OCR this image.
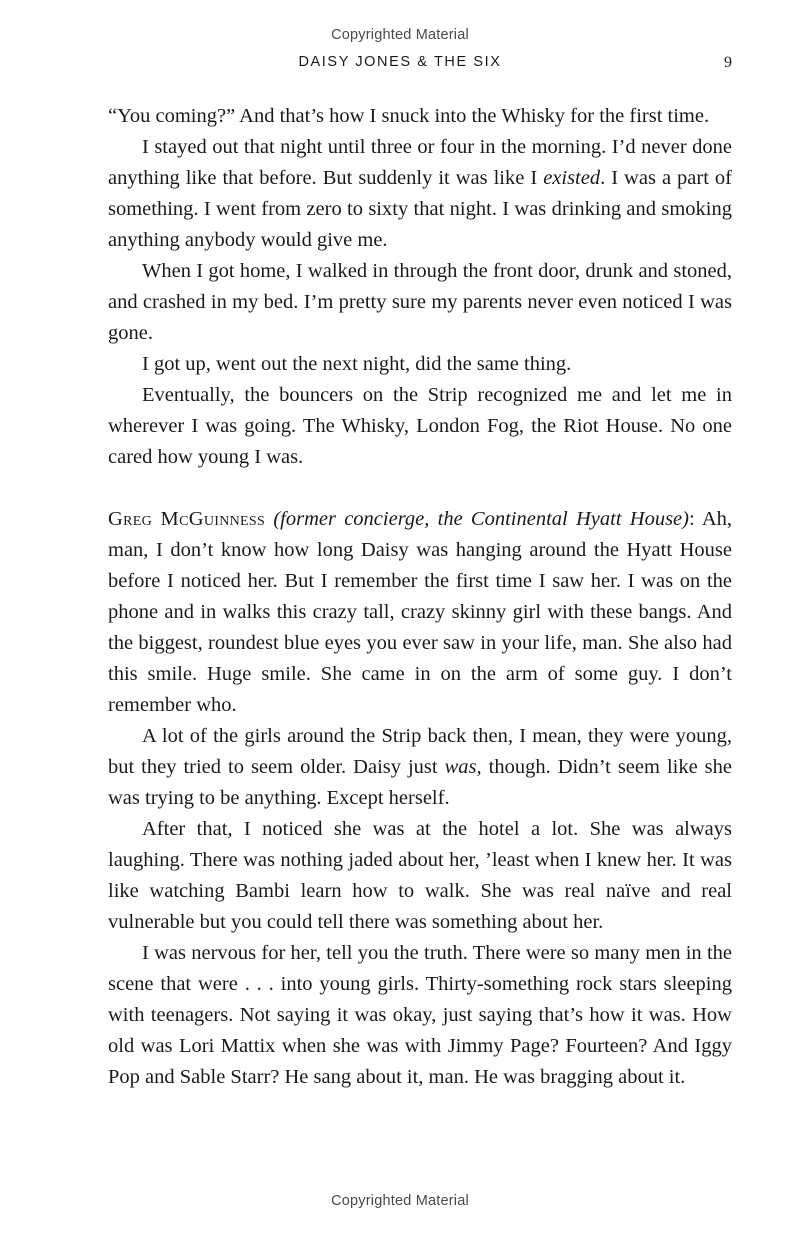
Copyrighted Material
DAISY JONES & THE SIX	9

“You coming?” And that’s how I snuck into the Whisky for the first time.

I stayed out that night until three or four in the morning. I’d never done anything like that before. But suddenly it was like I existed. I was a part of something. I went from zero to sixty that night. I was drinking and smoking anything anybody would give me.

When I got home, I walked in through the front door, drunk and stoned, and crashed in my bed. I’m pretty sure my parents never even noticed I was gone.

I got up, went out the next night, did the same thing.

Eventually, the bouncers on the Strip recognized me and let me in wherever I was going. The Whisky, London Fog, the Riot House. No one cared how young I was.

Greg McGuinness (former concierge, the Continental Hyatt House): Ah, man, I don’t know how long Daisy was hanging around the Hyatt House before I noticed her. But I remember the first time I saw her. I was on the phone and in walks this crazy tall, crazy skinny girl with these bangs. And the biggest, roundest blue eyes you ever saw in your life, man. She also had this smile. Huge smile. She came in on the arm of some guy. I don’t remember who.

A lot of the girls around the Strip back then, I mean, they were young, but they tried to seem older. Daisy just was, though. Didn’t seem like she was trying to be anything. Except herself.

After that, I noticed she was at the hotel a lot. She was always laughing. There was nothing jaded about her, ’least when I knew her. It was like watching Bambi learn how to walk. She was real naïve and real vulnerable but you could tell there was something about her.

I was nervous for her, tell you the truth. There were so many men in the scene that were . . . into young girls. Thirty-something rock stars sleeping with teenagers. Not saying it was okay, just saying that’s how it was. How old was Lori Mattix when she was with Jimmy Page? Fourteen? And Iggy Pop and Sable Starr? He sang about it, man. He was bragging about it.

Copyrighted Material
